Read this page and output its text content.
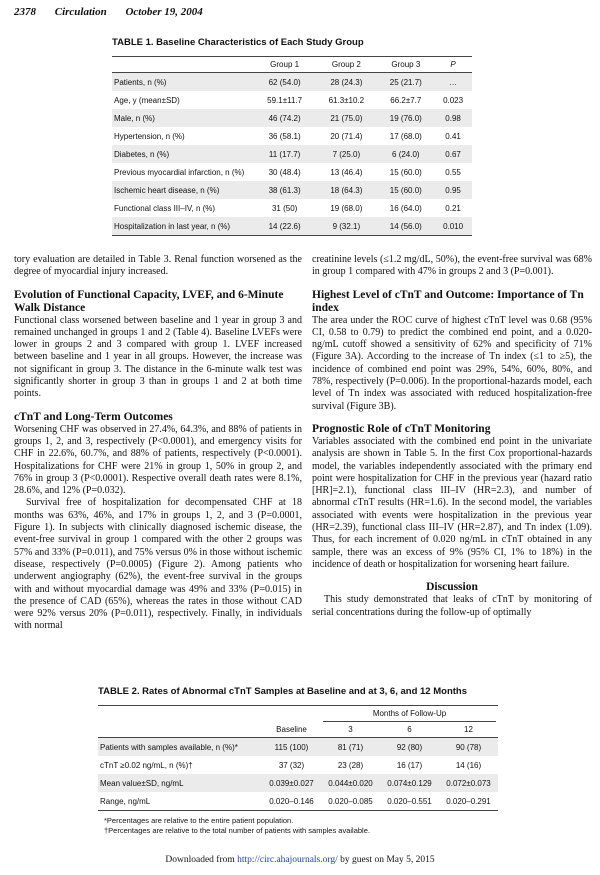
2378 Circulation October 19, 2004
TABLE 1. Baseline Characteristics of Each Study Group
	Group 1	Group 2	Group 3	P
Patients, n (%)	62 (54.0)	28 (24.3)	25 (21.7)	…
Age, y (mean±SD)	59.1±11.7	61.3±10.2	66.2±7.7	0.023
Male, n (%)	46 (74.2)	21 (75.0)	19 (76.0)	0.98
Hypertension, n (%)	36 (58.1)	20 (71.4)	17 (68.0)	0.41
Diabetes, n (%)	11 (17.7)	7 (25.0)	6 (24.0)	0.67
Previous myocardial infarction, n (%)	30 (48.4)	13 (46.4)	15 (60.0)	0.55
Ischemic heart disease, n (%)	38 (61.3)	18 (64.3)	15 (60.0)	0.95
Functional class III–IV, n (%)	31 (50)	19 (68.0)	16 (64.0)	0.21
Hospitalization in last year, n (%)	14 (22.6)	9 (32.1)	14 (56.0)	0.010

tory evaluation are detailed in Table 3. Renal function worsened as the degree of myocardial injury increased.

Evolution of Functional Capacity, LVEF, and 6-Minute Walk Distance

Functional class worsened between baseline and 1 year in group 3 and remained unchanged in groups 1 and 2 (Table 4). Baseline LVEFs were lower in groups 2 and 3 compared with group 1. LVEF increased between baseline and 1 year in all groups. However, the increase was not significant in group 3. The distance in the 6-minute walk test was significantly shorter in group 3 than in groups 1 and 2 at both time points.

cTnT and Long-Term Outcomes

Worsening CHF was observed in 27.4%, 64.3%, and 88% of patients in groups 1, 2, and 3, respectively (P<0.0001), and emergency visits for CHF in 22.6%, 60.7%, and 88% of patients, respectively (P<0.0001). Hospitalizations for CHF were 21% in group 1, 50% in group 2, and 76% in group 3 (P<0.0001). Respective overall death rates were 8.1%, 28.6%, and 12% (P=0.032).

Survival free of hospitalization for decompensated CHF at 18 months was 63%, 46%, and 17% in groups 1, 2, and 3 (P=0.0001, Figure 1). In subjects with clinically diagnosed ischemic disease, the event-free survival in group 1 compared with the other 2 groups was 57% and 33% (P=0.011), and 75% versus 0% in those without ischemic disease, respectively (P=0.0005) (Figure 2). Among patients who underwent angiography (62%), the event-free survival in the groups with and without myocardial damage was 49% and 33% (P=0.015) in the presence of CAD (65%), whereas the rates in those without CAD were 92% versus 20% (P=0.011), respectively. Finally, in individuals with normal

creatinine levels (≤1.2 mg/dL, 50%), the event-free survival was 68% in group 1 compared with 47% in groups 2 and 3 (P=0.001).

Highest Level of cTnT and Outcome: Importance of Tn index

The area under the ROC curve of highest cTnT level was 0.68 (95% CI, 0.58 to 0.79) to predict the combined end point, and a 0.020-ng/mL cutoff showed a sensitivity of 62% and specificity of 71% (Figure 3A). According to the increase of Tn index (≤1 to ≥5), the incidence of combined end point was 29%, 54%, 60%, 80%, and 78%, respectively (P=0.006). In the proportional-hazards model, each level of Tn index was associated with reduced hospitalization-free survival (Figure 3B).

Prognostic Role of cTnT Monitoring

Variables associated with the combined end point in the univariate analysis are shown in Table 5. In the first Cox proportional-hazards model, the variables independently associated with the primary end point were hospitalization for CHF in the previous year (hazard ratio [HR]=2.1), functional class III–IV (HR=2.3), and number of abnormal cTnT results (HR=1.6). In the second model, the variables associated with events were hospitalization in the previous year (HR=2.39), functional class III–IV (HR=2.87), and Tn index (1.09). Thus, for each increment of 0.020 ng/mL in cTnT obtained in any sample, there was an excess of 9% (95% CI, 1% to 18%) in the incidence of death or hospitalization for worsening heart failure.

Discussion

This study demonstrated that leaks of cTnT by monitoring of serial concentrations during the follow-up of optimally

TABLE 2. Rates of Abnormal cTnT Samples at Baseline and at 3, 6, and 12 Months

		Months of Follow-Up		

	Baseline	3	6	12
Patients with samples available, n (%)*	115 (100)	81 (71)	92 (80)	90 (78)
cTnT ≥0.02 ng/mL, n (%)†	37 (32)	23 (28)	16 (17)	14 (16)
Mean value±SD, ng/mL	0.039±0.027	0.044±0.020	0.074±0.129	0.072±0.073
Range, ng/mL	0.020–0.146	0.020–0.085	0.020–0.551	0.020–0.291
*Percentages are relative to the entire patient population.
†Percentages are relative to the total number of patients with samples available.
Downloaded from http://circ.ahajournals.org/ by guest on May 5, 2015
